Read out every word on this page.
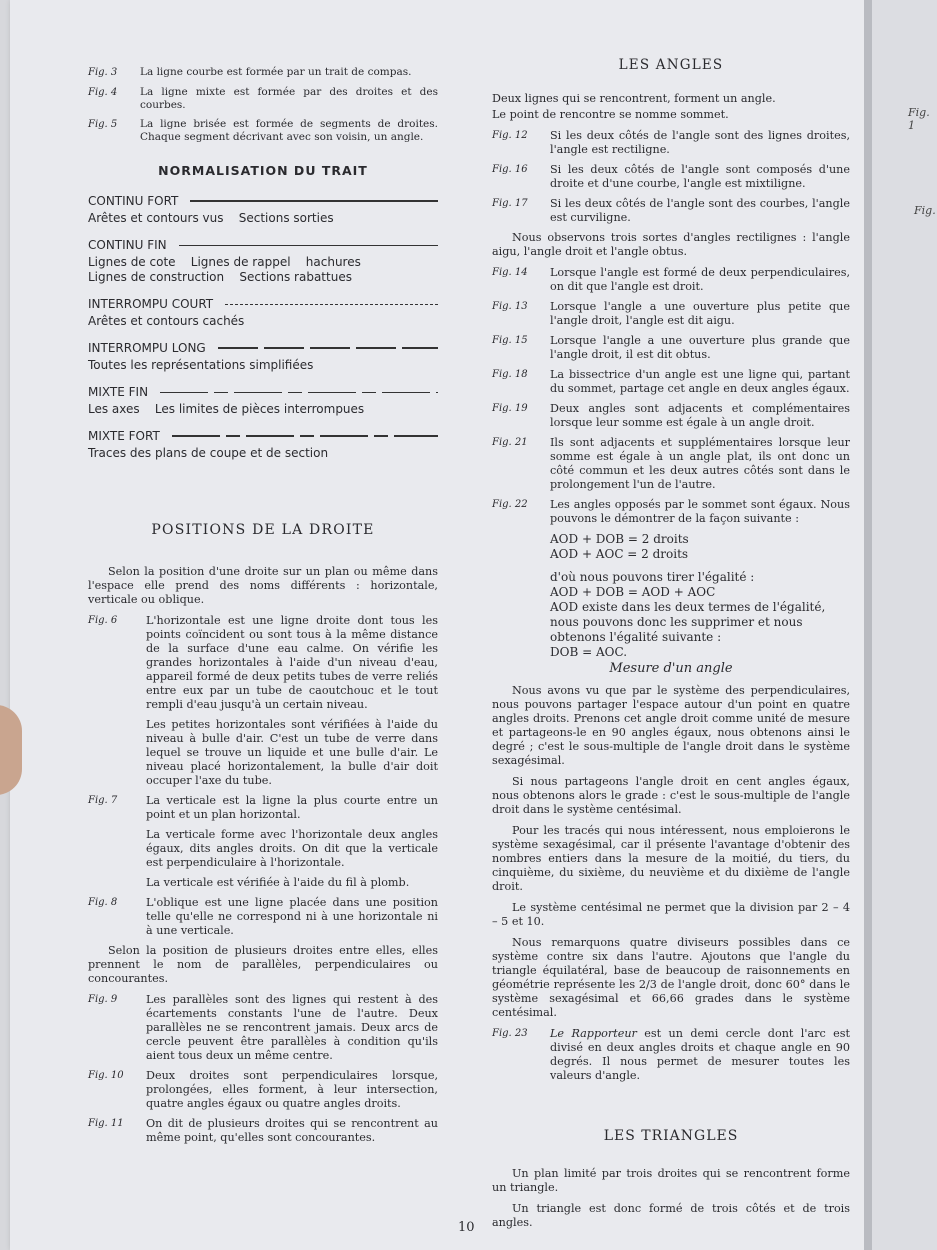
Fig. 1
Fig.
Fig. 3	La ligne courbe est formée par un trait de compas.
Fig. 4	La ligne mixte est formée par des droites et des courbes.
Fig. 5	La ligne brisée est formée de segments de droites. Chaque segment décrivant avec son voisin, un angle.
NORMALISATION DU TRAIT
CONTINU FORT
Arêtes et contours vus    Sections sorties
CONTINU FIN
Lignes de cote    Lignes de rappel    hachures
Lignes de construction    Sections rabattues
INTERROMPU COURT
Arêtes et contours cachés
INTERROMPU LONG
Toutes les représentations simplifiées
MIXTE FIN
Les axes    Les limites de pièces interrompues
MIXTE FORT
Traces des plans de coupe et de section
POSITIONS DE LA DROITE

Selon la position d'une droite sur un plan ou même dans l'espace elle prend des noms différents : horizontale, verticale ou oblique.

Fig. 6	L'horizontale est une ligne droite dont tous les points coïncident ou sont tous à la même distance de la surface d'une eau calme. On vérifie les grandes horizontales à l'aide d'un niveau d'eau, appareil formé de deux petits tubes de verre reliés entre eux par un tube de caoutchouc et le tout rempli d'eau jusqu'à un certain niveau.
Les petites horizontales sont vérifiées à l'aide du niveau à bulle d'air. C'est un tube de verre dans lequel se trouve un liquide et une bulle d'air. Le niveau placé horizontalement, la bulle d'air doit occuper l'axe du tube.
Fig. 7	La verticale est la ligne la plus courte entre un point et un plan horizontal.
La verticale forme avec l'horizontale deux angles égaux, dits angles droits. On dit que la verticale est perpendiculaire à l'horizontale.
La verticale est vérifiée à l'aide du fil à plomb.
Fig. 8	L'oblique est une ligne placée dans une position telle qu'elle ne correspond ni à une horizontale ni à une verticale.

Selon la position de plusieurs droites entre elles, elles prennent le nom de parallèles, perpendiculaires ou concourantes.

Fig. 9	Les parallèles sont des lignes qui restent à des écartements constants l'une de l'autre. Deux parallèles ne se rencontrent jamais. Deux arcs de cercle peuvent être parallèles à condition qu'ils aient tous deux un même centre.
Fig. 10	Deux droites sont perpendiculaires lorsque, prolongées, elles forment, à leur intersection, quatre angles égaux ou quatre angles droits.
Fig. 11	On dit de plusieurs droites qui se rencontrent au même point, qu'elles sont concourantes.
LES ANGLES

Deux lignes qui se rencontrent, forment un angle.

Le point de rencontre se nomme sommet.

Fig. 12	Si les deux côtés de l'angle sont des lignes droites, l'angle est rectiligne.
Fig. 16	Si les deux côtés de l'angle sont composés d'une droite et d'une courbe, l'angle est mixtiligne.
Fig. 17	Si les deux côtés de l'angle sont des courbes, l'angle est curviligne.

Nous observons trois sortes d'angles rectilignes : l'angle aigu, l'angle droit et l'angle obtus.

Fig. 14	Lorsque l'angle est formé de deux perpendiculaires, on dit que l'angle est droit.
Fig. 13	Lorsque l'angle a une ouverture plus petite que l'angle droit, l'angle est dit aigu.
Fig. 15	Lorsque l'angle a une ouverture plus grande que l'angle droit, il est dit obtus.
Fig. 18	La bissectrice d'un angle est une ligne qui, partant du sommet, partage cet angle en deux angles égaux.
Fig. 19	Deux angles sont adjacents et complémentaires lorsque leur somme est égale à un angle droit.
Fig. 21	Ils sont adjacents et supplémentaires lorsque leur somme est égale à un angle plat, ils ont donc un côté commun et les deux autres côtés sont dans le prolongement l'un de l'autre.
Fig. 22	Les angles opposés par le sommet sont égaux. Nous pouvons le démontrer de la façon suivante :
AOD + DOB = 2 droits
AOD + AOC = 2 droits
d'où nous pouvons tirer l'égalité :
AOD + DOB = AOD + AOC
AOD existe dans les deux termes de l'égalité, nous pouvons donc les supprimer et nous obtenons l'égalité suivante :
DOB = AOC.
Mesure d'un angle

Nous avons vu que par le système des perpendiculaires, nous pouvons partager l'espace autour d'un point en quatre angles droits. Prenons cet angle droit comme unité de mesure et partageons-le en 90 angles égaux, nous obtenons ainsi le degré ; c'est le sous-multiple de l'angle droit dans le système sexagésimal.

Si nous partageons l'angle droit en cent angles égaux, nous obtenons alors le grade : c'est le sous-multiple de l'angle droit dans le système centésimal.

Pour les tracés qui nous intéressent, nous emploierons le système sexagésimal, car il présente l'avantage d'obtenir des nombres entiers dans la mesure de la moitié, du tiers, du cinquième, du sixième, du neuvième et du dixième de l'angle droit.

Le système centésimal ne permet que la division par 2 – 4 – 5 et 10.

Nous remarquons quatre diviseurs possibles dans ce système contre six dans l'autre. Ajoutons que l'angle du triangle équilatéral, base de beaucoup de raisonnements en géométrie représente les 2/3 de l'angle droit, donc 60° dans le système sexagésimal et 66,66 grades dans le système centésimal.

Fig. 23	Le Rapporteur est un demi cercle dont l'arc est divisé en deux angles droits et chaque angle en 90 degrés. Il nous permet de mesurer toutes les valeurs d'angle.
LES TRIANGLES

Un plan limité par trois droites qui se rencontrent forme un triangle.

Un triangle est donc formé de trois côtés et de trois angles.

10
